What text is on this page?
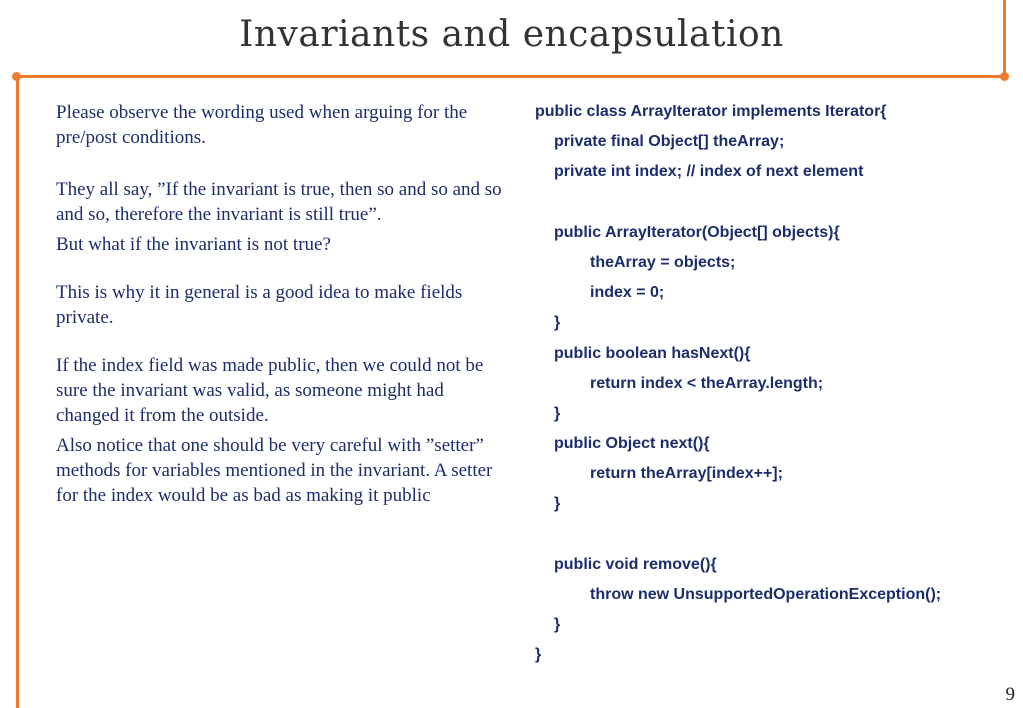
Invariants and encapsulation

Please observe the wording used when arguing for the pre/post conditions.

They all say, ”If the invariant is true, then so and so and so and so, therefore the invariant is still true”.

But what if the invariant is not true?

This is why it in general is a good idea to make fields private.

If the index field was made public, then we could not be sure the invariant was valid, as someone might had changed it from the outside.

Also notice that one should be very careful with ”setter” methods for variables mentioned in the invariant. A setter for the index would be as bad as making it public

public class ArrayIterator implements Iterator{
private final Object[] theArray;
private int index; // index of next element
public ArrayIterator(Object[] objects){
theArray = objects;
index = 0;
}
public boolean hasNext(){
return index < theArray.length;
}
public Object next(){
return theArray[index++];
}
public void remove(){
throw new UnsupportedOperationException();
}
}
9
